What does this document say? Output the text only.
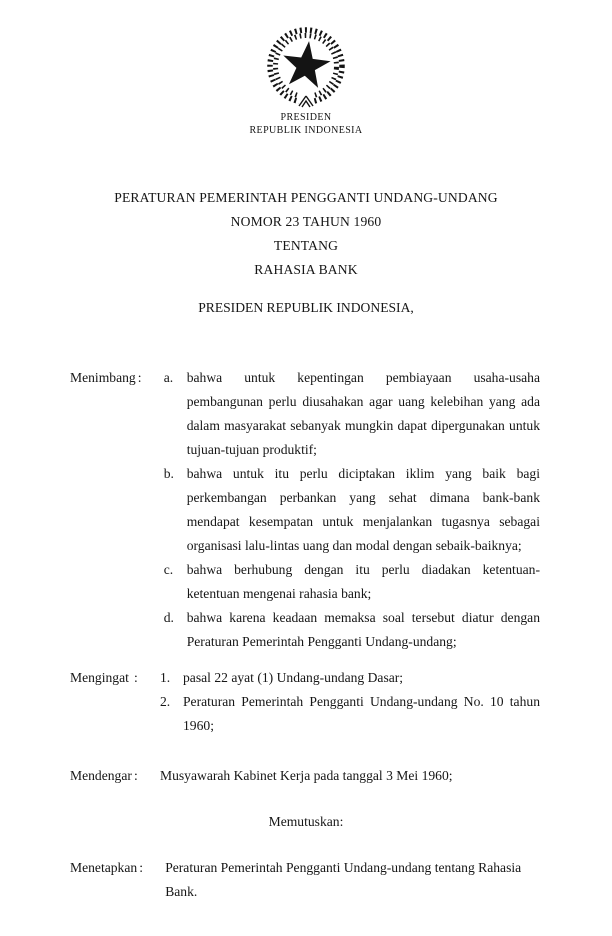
PRESIDEN
REPUBLIK INDONESIA
PERATURAN PEMERINTAH PENGGANTI UNDANG-UNDANG
NOMOR 23 TAHUN 1960
TENTANG
RAHASIA BANK
PRESIDEN REPUBLIK INDONESIA,
Menimbang :	a. bahwa untuk kepentingan pembiayaan usaha-usaha pembangunan perlu diusahakan agar uang kelebihan yang ada dalam masyarakat sebanyak mungkin dapat dipergunakan untuk tujuan-tujuan produktif;
b. bahwa untuk itu perlu diciptakan iklim yang baik bagi perkembangan perbankan yang sehat dimana bank-bank mendapat kesempatan untuk menjalankan tugasnya sebagai organisasi lalu-lintas uang dan modal dengan sebaik-baiknya;
c. bahwa berhubung dengan itu perlu diadakan ketentuan-ketentuan mengenai rahasia bank;
d. bahwa karena keadaan memaksa soal tersebut diatur dengan Peraturan Pemerintah Pengganti Undang-undang;
Mengingat :	1. pasal 22 ayat (1) Undang-undang Dasar;
2. Peraturan Pemerintah Pengganti Undang-undang No. 10 tahun 1960;
Mendengar :	Musyawarah Kabinet Kerja pada tanggal 3 Mei 1960;
Memutuskan:
Menetapkan :	Peraturan Pemerintah Pengganti Undang-undang tentang Rahasia Bank.
